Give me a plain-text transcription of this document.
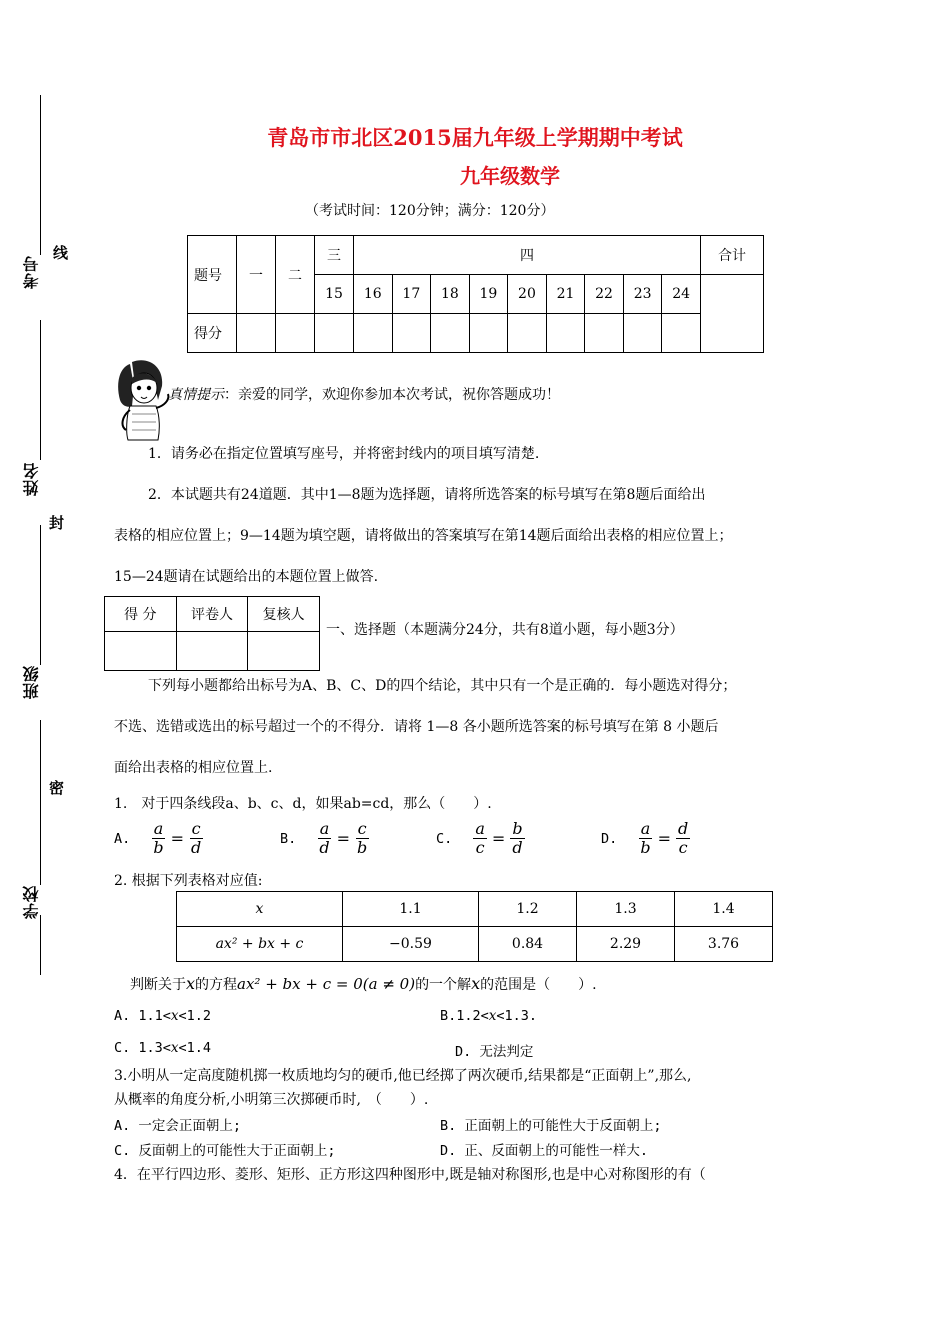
考号
线
姓名
封
班级
密
学校
青岛市市北区2015届九年级上学期期中考试
九年级数学
（考试时间：120分钟；满分：120分）
题号	一	二	三	四									合计
			15	16	17	18	19	20	21	22	23	24	
得分													
真情提示：亲爱的同学，欢迎你参加本次考试，祝你答题成功！
1．请务必在指定位置填写座号，并将密封线内的项目填写清楚.
2．本试题共有24道题．其中1—8题为选择题，请将所选答案的标号填写在第8题后面给出
表格的相应位置上；9—14题为填空题，请将做出的答案填写在第14题后面给出表格的相应位置上；
15—24题请在试题给出的本题位置上做答.
得 分	评卷人	复核人

一、选择题（本题满分24分，共有8道小题，每小题3分）
下列每小题都给出标号为A、B、C、D的四个结论，其中只有一个是正确的．每小题选对得分；
不选、选错或选出的标号超过一个的不得分．请将 1—8 各小题所选答案的标号填写在第 8 小题后
面给出表格的相应位置上.
1.　对于四条线段a、b、c、d，如果ab=cd，那么（　　）.
A. $\frac{a}{b} = \frac{c}{d}$	B. $\frac{a}{d} = \frac{c}{b}$	C. $\frac{a}{c} = \frac{b}{d}$	D. $\frac{a}{b} = \frac{d}{c}$
2. 根据下列表格对应值:
x	1.1	1.2	1.3	1.4
ax² + bx + c	−0.59	0.84	2.29	3.76
判断关于x的方程ax² + bx + c = 0(a ≠ 0)的一个解x的范围是（　　）.
A. 1.1<x<1.2	B.1.2<x<1.3.
C. 1.3<x<1.4	D. 无法判定
3.小明从一定高度随机掷一枚质地均匀的硬币,他已经掷了两次硬币,结果都是“正面朝上”,那么,
从概率的角度分析,小明第三次掷硬币时,　（　　）.
A. 一定会正面朝上;	B. 正面朝上的可能性大于反面朝上;
C. 反面朝上的可能性大于正面朝上;	D. 正、反面朝上的可能性一样大.
4．在平行四边形、菱形、矩形、正方形这四种图形中,既是轴对称图形,也是中心对称图形的有（
